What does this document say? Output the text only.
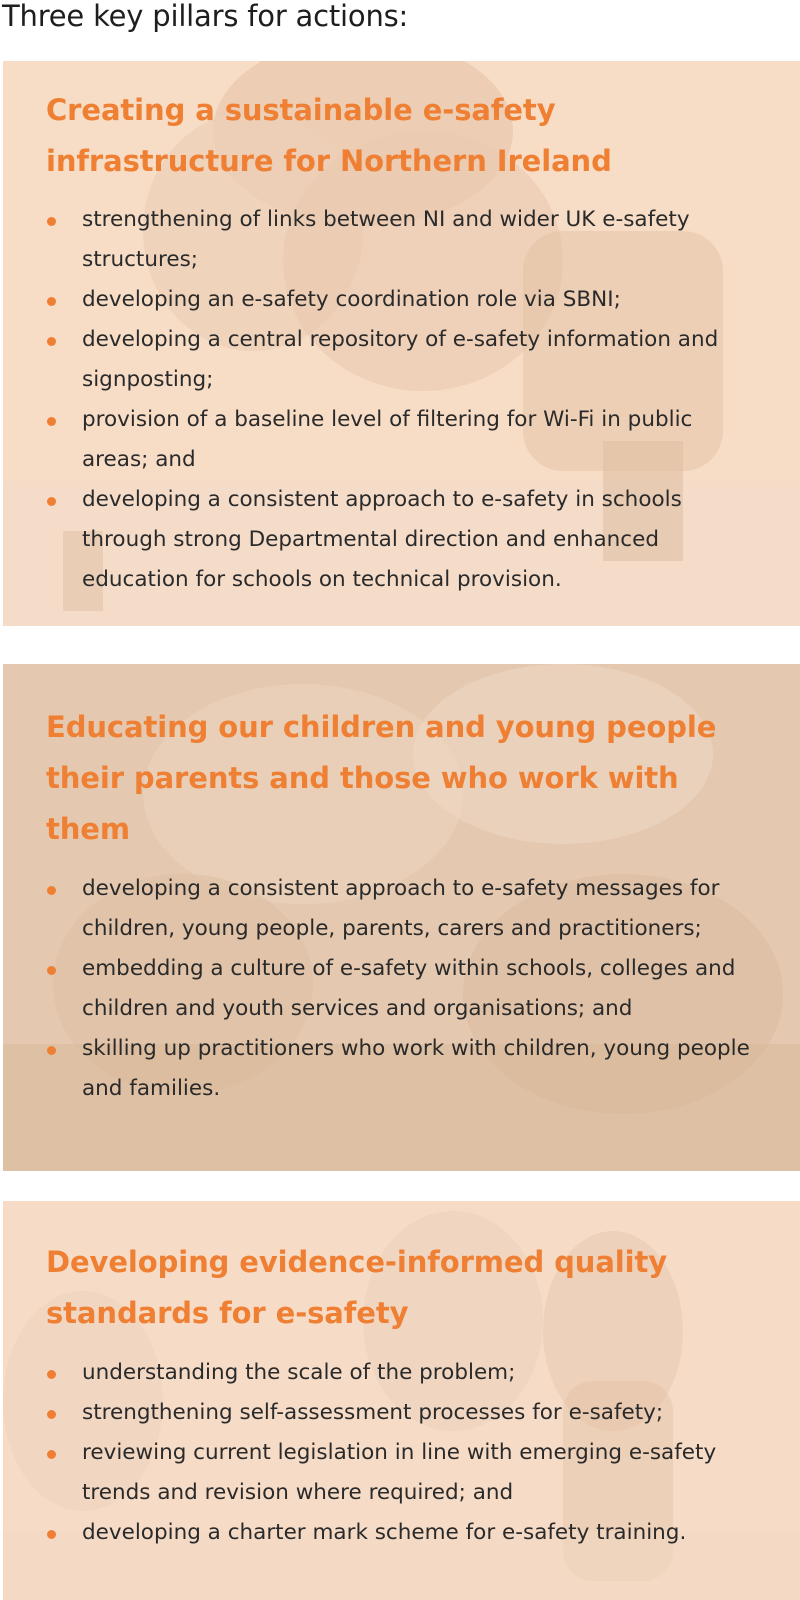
Three key pillars for actions:
Creating a sustainable e-safety infrastructure for Northern Ireland
strengthening of links between NI and wider UK e-safety structures;
developing an e-safety coordination role via SBNI;
developing a central repository of e-safety information and signposting;
provision of a baseline level of filtering for Wi-Fi in public areas; and
developing a consistent approach to e-safety in schools through strong Departmental direction and enhanced education for schools on technical provision.
Educating our children and young people their parents and those who work with them
developing a consistent approach to e-safety messages for children, young people, parents, carers and practitioners;
embedding a culture of e-safety within schools, colleges and children and youth services and organisations; and
skilling up practitioners who work with children, young people and families.
Developing evidence-informed quality standards for e-safety
understanding the scale of the problem;
strengthening self-assessment processes for e-safety;
reviewing current legislation in line with emerging e-safety trends and revision where required; and
developing a charter mark scheme for e-safety training.
